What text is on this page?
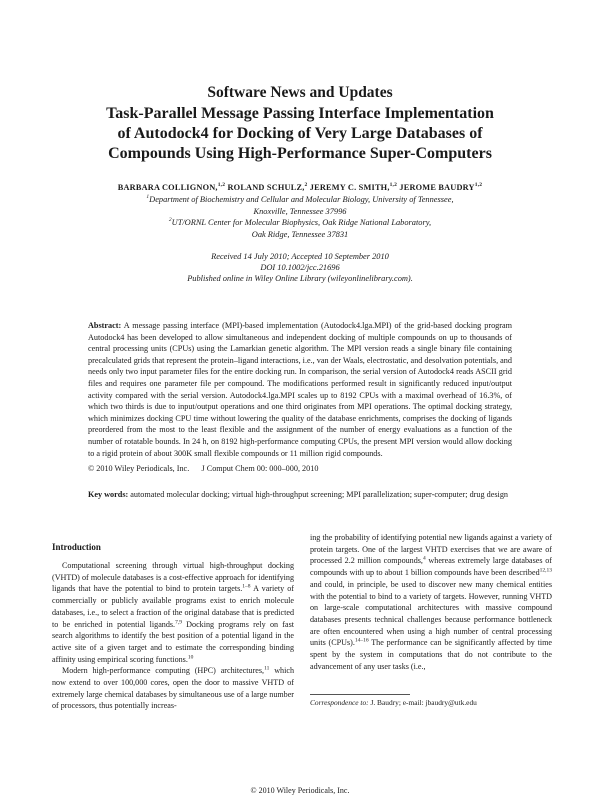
Software News and Updates
Task-Parallel Message Passing Interface Implementation
of Autodock4 for Docking of Very Large Databases of
Compounds Using High-Performance Super-Computers
BARBARA COLLIGNON,$^{1,2}$ ROLAND SCHULZ,$^2$ JEREMY C. SMITH,$^{1,2}$ JEROME BAUDRY$^{1,2}$
$^1$Department of Biochemistry and Cellular and Molecular Biology, University of Tennessee,
Knoxville, Tennessee 37996
$^2$UT/ORNL Center for Molecular Biophysics, Oak Ridge National Laboratory,
Oak Ridge, Tennessee 37831
Received 14 July 2010; Accepted 10 September 2010
DOI 10.1002/jcc.21696
Published online in Wiley Online Library (wileyonlinelibrary.com).

Abstract: A message passing interface (MPI)-based implementation (Autodock4.lga.MPI) of the grid-based docking program Autodock4 has been developed to allow simultaneous and independent docking of multiple compounds on up to thousands of central processing units (CPUs) using the Lamarkian genetic algorithm. The MPI version reads a single binary file containing precalculated grids that represent the protein–ligand interactions, i.e., van der Waals, electrostatic, and desolvation potentials, and needs only two input parameter files for the entire docking run. In comparison, the serial version of Autodock4 reads ASCII grid files and requires one parameter file per compound. The modifications performed result in significantly reduced input/output activity compared with the serial version. Autodock4.lga.MPI scales up to 8192 CPUs with a maximal overhead of 16.3%, of which two thirds is due to input/output operations and one third originates from MPI operations. The optimal docking strategy, which minimizes docking CPU time without lowering the quality of the database enrichments, comprises the docking of ligands preordered from the most to the least flexible and the assignment of the number of energy evaluations as a function of the number of rotatable bounds. In 24 h, on 8192 high-performance computing CPUs, the present MPI version would allow docking to a rigid protein of about 300K small flexible compounds or 11 million rigid compounds.

© 2010 Wiley Periodicals, Inc.      J Comput Chem 00: 000–000, 2010

Key words: automated molecular docking; virtual high-throughput screening; MPI parallelization; super-computer; drug design

Introduction

Computational screening through virtual high-throughput docking (VHTD) of molecule databases is a cost-effective approach for identifying ligands that have the potential to bind to protein targets.$^{1-8}$ A variety of commercially or publicly available programs exist to enrich molecule databases, i.e., to select a fraction of the original database that is predicted to be enriched in potential ligands.$^{7,9}$ Docking programs rely on fast search algorithms to identify the best position of a potential ligand in the active site of a given target and to estimate the corresponding binding affinity using empirical scoring functions.$^{10}$

Modern high-performance computing (HPC) architectures,$^{11}$ which now extend to over 100,000 cores, open the door to massive VHTD of extremely large chemical databases by simultaneous use of a large number of processors, thus potentially increas-

ing the probability of identifying potential new ligands against a variety of protein targets. One of the largest VHTD exercises that we are aware of processed 2.2 million compounds,$^4$ whereas extremely large databases of compounds with up to about 1 billion compounds have been described$^{12,13}$ and could, in principle, be used to discover new many chemical entities with the potential to bind to a variety of targets. However, running VHTD on large-scale computational architectures with massive compound databases presents technical challenges because performance bottleneck are often encountered when using a high number of central processing units (CPUs).$^{14-16}$ The performance can be significantly affected by time spent by the system in computations that do not contribute to the advancement of any user tasks (i.e.,

Correspondence to: J. Baudry; e-mail: jbaudry@utk.edu
© 2010 Wiley Periodicals, Inc.
